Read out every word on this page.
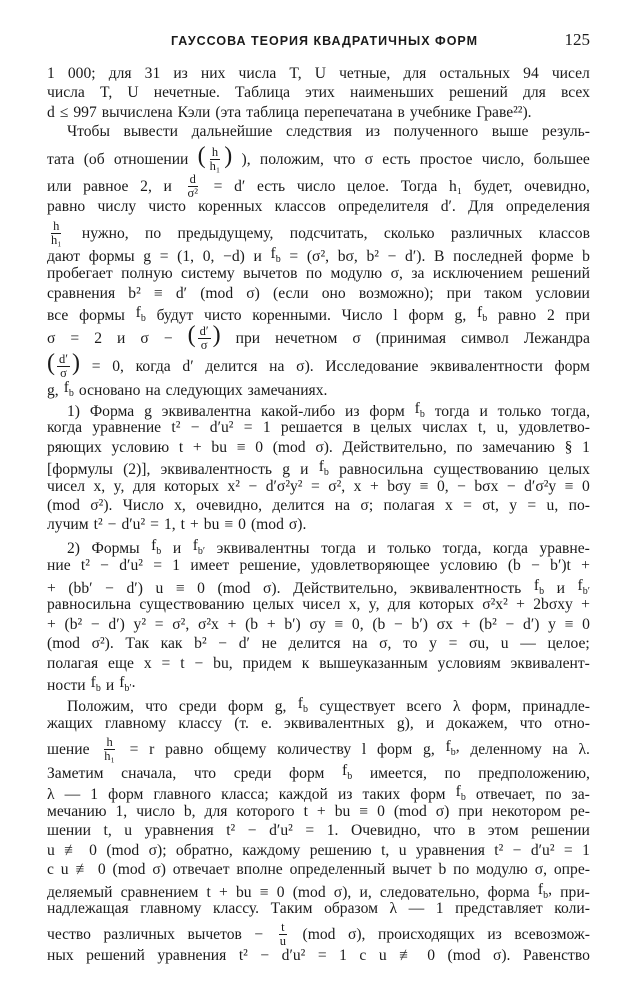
ГАУССОВА ТЕОРИЯ КВАДРАТИЧНЫХ ФОРМ	125
1 000; для 31 из них числа T, U четные, для остальных 94 чисел
числа T, U нечетные. Таблица этих наименьших решений для всех
d ≤ 997 вычислена Кэли (эта таблица перепечатана в учебнике Граве²²).
Чтобы вывести дальнейшие следствия из полученного выше резуль-
тата (об отношении ( $\frac{h}{\text{h₁}}$ ) ), положим, что σ есть простое число, большее
или равное 2, и $\frac{d}{\text{σ²}} = d'$ есть число целое. Тогда h₁ будет, очевидно,
равно числу чисто коренных классов определителя d′. Для определения
$\frac{h}{\text{h₁}}$ нужно, по предыдущему, подсчитать, сколько различных классов
дают формы g = (1, 0, −d) и $f_b = (\sigma^2$, bσ, b² − d′). В последней форме b
пробегает полную систему вычетов по модулю σ, за исключением решений
сравнения b² ≡ d′ (mod σ) (если оно возможно); при таком условии
все формы $f_b$ будут чисто коренными. Число l форм g, $f_b$ равно 2 при
σ = 2 и σ − ( $\frac{d'}{\sigma}$ ) при нечетном σ (принимая символ Лежандра
( $\frac{d'}{\sigma}$ ) = 0, когда d′ делится на σ). Исследование эквивалентности форм
g, $f_b$ основано на следующих замечаниях.
1) Форма g эквивалентна какой-либо из форм $f_b$ тогда и только тогда,
когда уравнение t² − d′u² = 1 решается в целых числах t, u, удовлетво-
ряющих условию t + bu ≡ 0 (mod σ). Действительно, по замечанию § 1
[формулы (2)], эквивалентность g и $f_b$ равносильна существованию целых
чисел x, y, для которых x² − d′σ²y² = σ², x + bσy ≡ 0, − bσx − d′σ²y ≡ 0
(mod σ²). Число x, очевидно, делится на σ; полагая x = σt, y = u, по-
лучим t² − d′u² = 1, t + bu ≡ 0 (mod σ).
2) Формы $f_b$ и $f_{b'}$ эквивалентны тогда и только тогда, когда уравне-
ние t² − d′u² = 1 имеет решение, удовлетворяющее условию (b − b′)t +
+ (bb′ − d′) u ≡ 0 (mod σ). Действительно, эквивалентность $f_b$ и $f_{b'}$
равносильна существованию целых чисел x, y, для которых σ²x² + 2bσxy +
+ (b² − d′) y² = σ², σ²x + (b + b′) σy ≡ 0, (b − b′) σx + (b² − d′) y ≡ 0
(mod σ²). Так как b² − d′ не делится на σ, то y = σu, u — целое;
полагая еще x = t − bu, придем к вышеуказанным условиям эквивалент-
ности $f_b$ и $f_{b'}$.
Положим, что среди форм g, $f_b$ существует всего λ форм, принадле-
жащих главному классу (т. е. эквивалентных g), и докажем, что отно-
шение $\frac{h}{\text{h₁}} = r$ равно общему количеству l форм g, $f_b$, деленному на λ.
Заметим сначала, что среди форм $f_b$ имеется, по предположению,
λ — 1 форм главного класса; каждой из таких форм $f_b$ отвечает, по за-
мечанию 1, число b, для которого t + bu ≡ 0 (mod σ) при некотором ре-
шении t, u уравнения t² − d′u² = 1. Очевидно, что в этом решении
u ≢ 0 (mod σ); обратно, каждому решению t, u уравнения t² − d′u² = 1
с u ≢ 0 (mod σ) отвечает вполне определенный вычет b по модулю σ, опре-
деляемый сравнением t + bu ≡ 0 (mod σ), и, следовательно, форма $f_b$, при-
надлежащая главному классу. Таким образом λ — 1 представляет коли-
чество различных вычетов − $\frac{t}{u} (mod$ σ), происходящих из всевозмож-
ных решений уравнения t² − d′u² = 1 с u ≢ 0 (mod σ). Равенство
